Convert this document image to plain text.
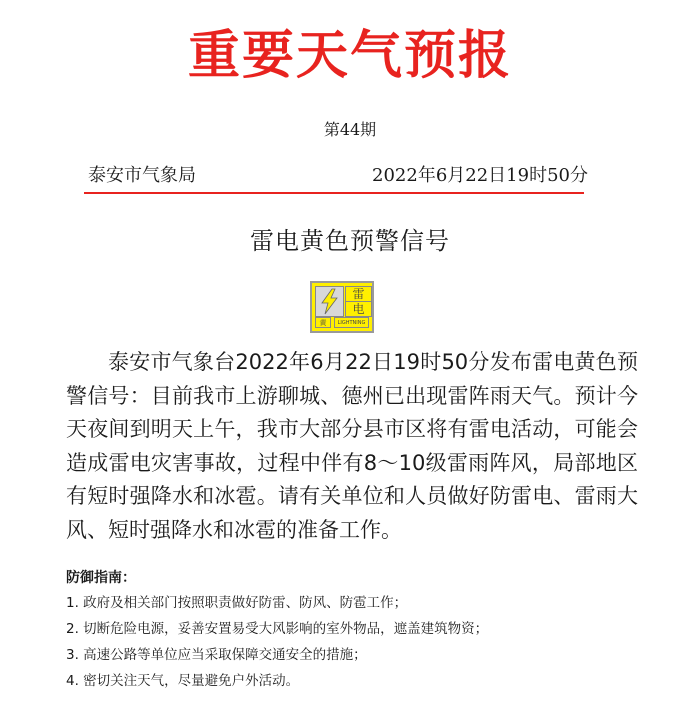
重要天气预报
第44期
泰安市气象局	2022年6月22日19时50分
雷电黄色预警信号
雷
电
黄	LIGHTNING

泰安市气象台2022年6月22日19时50分发布雷电黄色预警信号：目前我市上游聊城、德州已出现雷阵雨天气。预计今天夜间到明天上午，我市大部分县市区将有雷电活动，可能会造成雷电灾害事故，过程中伴有8～10级雷雨阵风，局部地区有短时强降水和冰雹。请有关单位和人员做好防雷电、雷雨大风、短时强降水和冰雹的准备工作。

防御指南：
1. 政府及相关部门按照职责做好防雷、防风、防雹工作；
2. 切断危险电源，妥善安置易受大风影响的室外物品，遮盖建筑物资；
3. 高速公路等单位应当采取保障交通安全的措施；
4. 密切关注天气，尽量避免户外活动。
